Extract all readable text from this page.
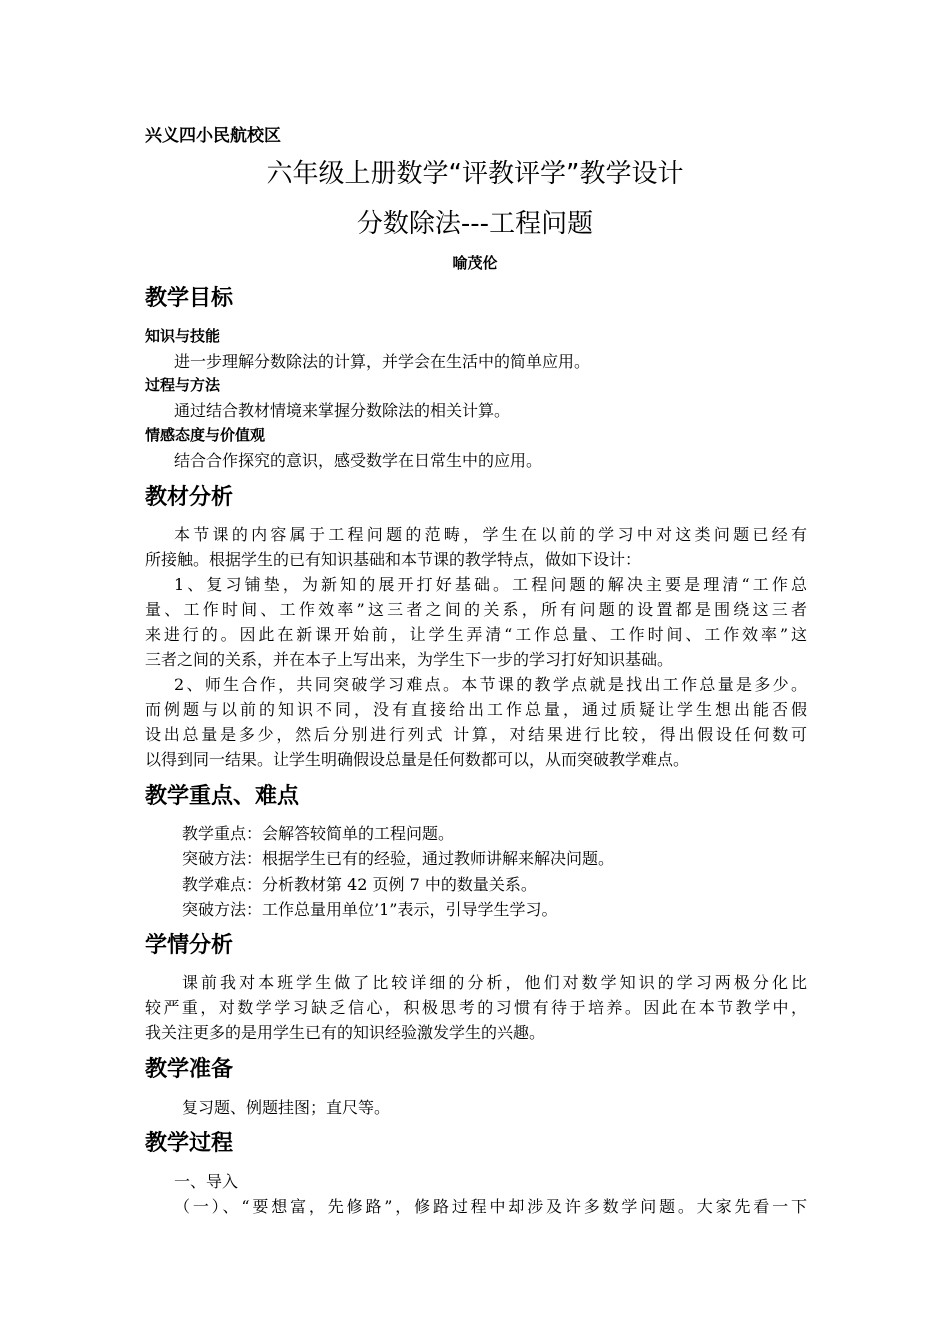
兴义四小民航校区
六年级上册数学“评教评学”教学设计
分数除法---工程问题
喻茂伦
教学目标
知识与技能
进一步理解分数除法的计算，并学会在生活中的简单应用。
过程与方法
通过结合教材情境来掌握分数除法的相关计算。
情感态度与价值观
结合合作探究的意识，感受数学在日常生中的应用。
教材分析
本节课的内容属于工程问题的范畴，学生在以前的学习中对这类问题已经有
所接触。根据学生的已有知识基础和本节课的教学特点，做如下设计：
1、复习铺垫，为新知的展开打好基础。工程问题的解决主要是理清“工作总
量、工作时间、工作效率”这三者之间的关系，所有问题的设置都是围绕这三者
来进行的。因此在新课开始前，让学生弄清“工作总量、工作时间、工作效率”这
三者之间的关系，并在本子上写出来，为学生下一步的学习打好知识基础。
2、师生合作，共同突破学习难点。本节课的教学点就是找出工作总量是多少。
而例题与以前的知识不同，没有直接给出工作总量，通过质疑让学生想出能否假
设出总量是多少，然后分别进行列式 计算，对结果进行比较，得出假设任何数可
以得到同一结果。让学生明确假设总量是任何数都可以，从而突破教学难点。
教学重点、难点
教学重点：会解答较简单的工程问题。
突破方法：根据学生已有的经验，通过教师讲解来解决问题。
教学难点：分析教材第 42 页例 7 中的数量关系。
突破方法：工作总量用单位’1”表示，引导学生学习。
学情分析
课前我对本班学生做了比较详细的分析，他们对数学知识的学习两极分化比
较严重，对数学学习缺乏信心，积极思考的习惯有待于培养。因此在本节教学中，
我关注更多的是用学生已有的知识经验激发学生的兴趣。
教学准备
复习题、例题挂图；直尺等。
教学过程
一、导入
（一）、“要想富，先修路”，修路过程中却涉及许多数学问题。大家先看一下
